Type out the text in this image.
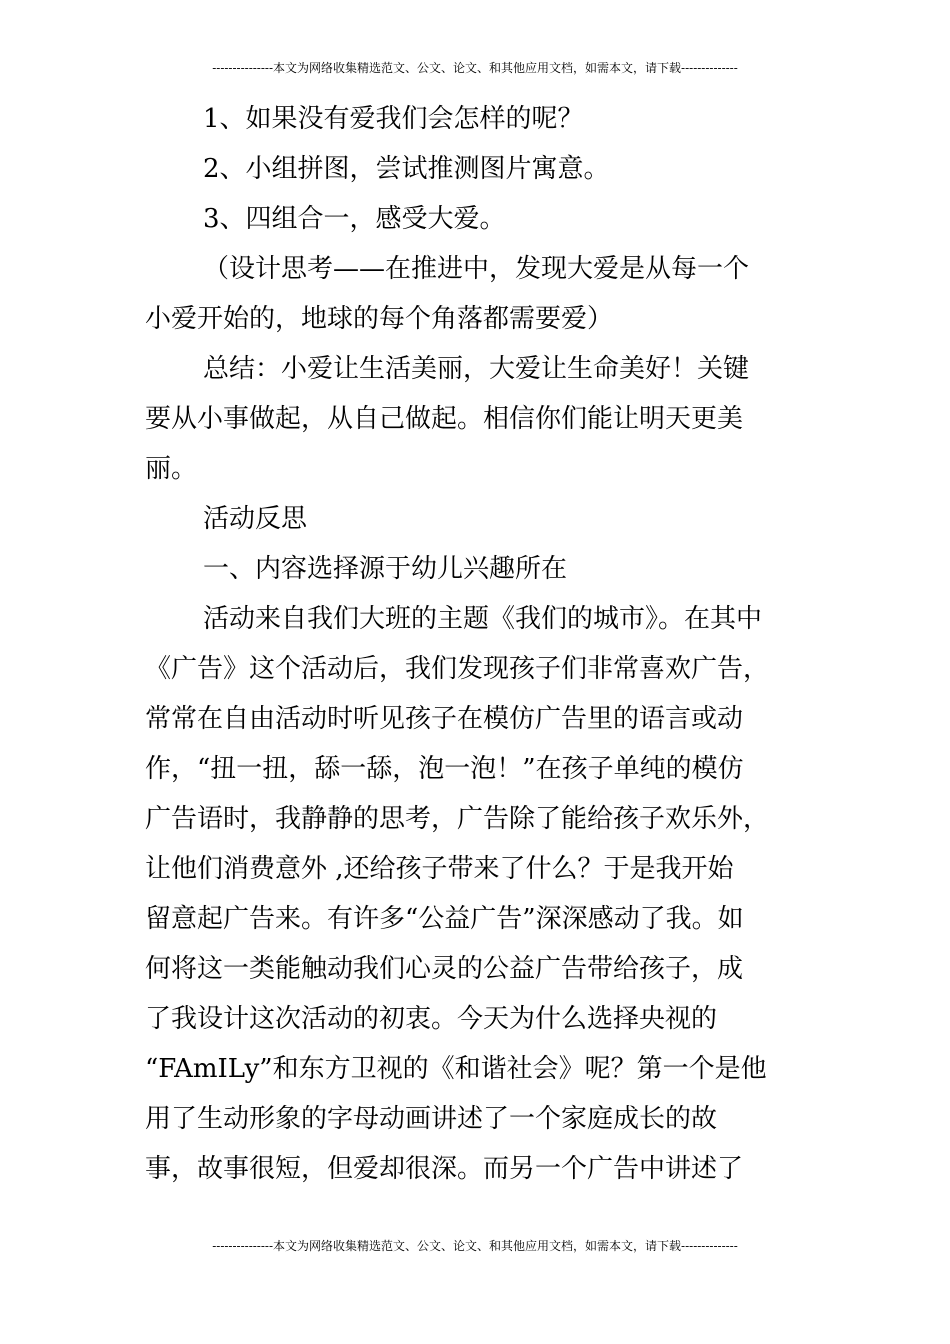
---------------本文为网络收集精选范文、公文、论文、和其他应用文档，如需本文，请下载--------------
1、如果没有爱我们会怎样的呢？
2、小组拼图，尝试推测图片寓意。
3、四组合一，感受大爱。
（设计思考——在推进中，发现大爱是从每一个
小爱开始的，地球的每个角落都需要爱）
总结：小爱让生活美丽，大爱让生命美好！关键
要从小事做起，从自己做起。相信你们能让明天更美
丽。
活动反思
一、内容选择源于幼儿兴趣所在
活动来自我们大班的主题《我们的城市》。在其中
《广告》这个活动后，我们发现孩子们非常喜欢广告，
常常在自由活动时听见孩子在模仿广告里的语言或动
作，“扭一扭，舔一舔，泡一泡！”在孩子单纯的模仿
广告语时，我静静的思考，广告除了能给孩子欢乐外，
让他们消费意外 ,还给孩子带来了什么？于是我开始
留意起广告来。有许多“公益广告”深深感动了我。如
何将这一类能触动我们心灵的公益广告带给孩子，成
了我设计这次活动的初衷。今天为什么选择央视的
“FAmILy”和东方卫视的《和谐社会》呢？第一个是他
用了生动形象的字母动画讲述了一个家庭成长的故
事，故事很短，但爱却很深。而另一个广告中讲述了
---------------本文为网络收集精选范文、公文、论文、和其他应用文档，如需本文，请下载--------------
